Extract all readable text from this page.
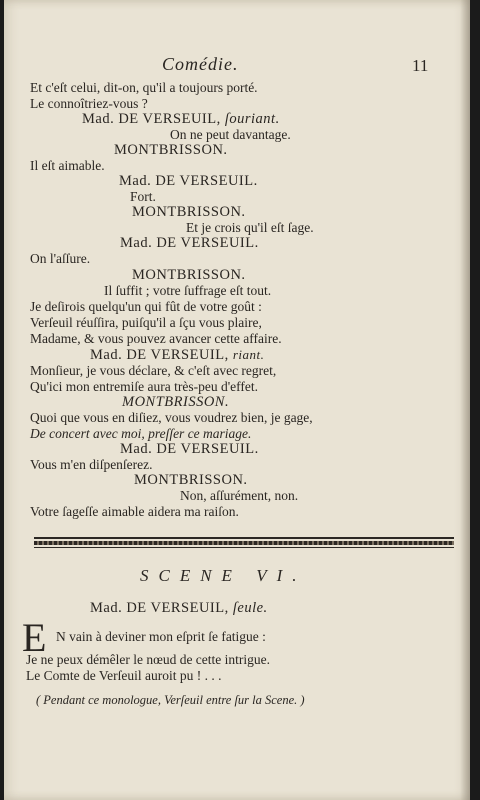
Comédie.	11
Et c'eſt celui, dit-on, qu'il a toujours porté.
Le connoîtriez-vous ?
Mad. DE VERSEUIL, ſouriant.
On ne peut davantage.
MONTBRISSON.
Il eſt aimable.
Mad. DE VERSEUIL.
Fort.
MONTBRISSON.
Et je crois qu'il eſt ſage.
Mad. DE VERSEUIL.
On l'aſſure.
MONTBRISSON.
Il ſuffit ; votre ſuffrage eſt tout.
Je deſirois quelqu'un qui fût de votre goût :
Verſeuil réuſſira, puiſqu'il a ſçu vous plaire,
Madame, & vous pouvez avancer cette affaire.
Mad. DE VERSEUIL, riant.
Monſieur, je vous déclare, & c'eſt avec regret,
Qu'ici mon entremiſe aura très-peu d'effet.
MONTBRISSON.
Quoi que vous en diſiez, vous voudrez bien, je gage,
De concert avec moi, preſſer ce mariage.
Mad. DE VERSEUIL.
Vous m'en diſpenſerez.
MONTBRISSON.
Non, aſſurément, non.
Votre ſageſſe aimable aidera ma raiſon.
SCENE VI.
Mad. DE VERSEUIL, ſeule.
E N vain à deviner mon eſprit ſe fatigue :
Je ne peux démêler le nœud de cette intrigue.
Le Comte de Verſeuil auroit pu ! . . .
( Pendant ce monologue, Verſeuil entre ſur la Scene. )
